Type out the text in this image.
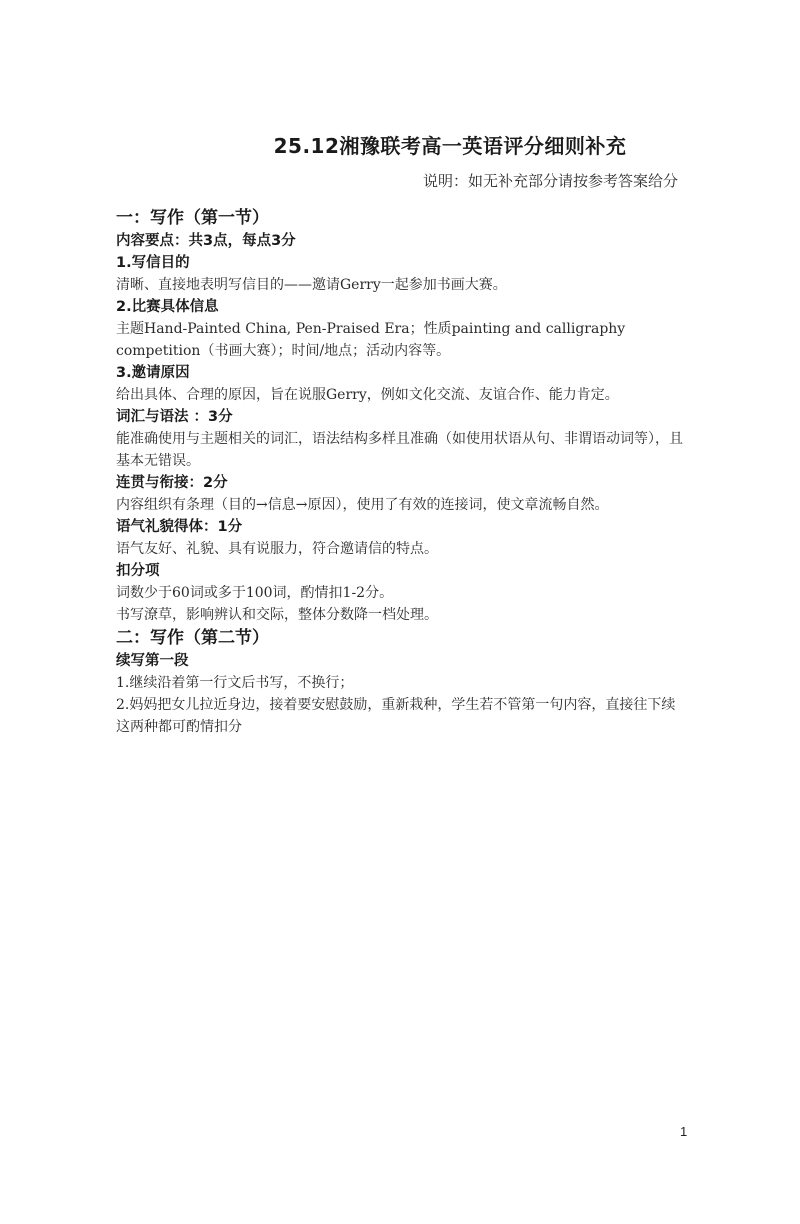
25.12湘豫联考高一英语评分细则补充
说明：如无补充部分请按参考答案给分
一：写作（第一节）
内容要点：共3点，每点3分
1.写信目的
清晰、直接地表明写信目的——邀请Gerry一起参加书画大赛。
2.比赛具体信息
主题Hand-Painted China, Pen-Praised Era；性质painting and calligraphy competition（书画大赛）；时间/地点；活动内容等。
3.邀请原因
给出具体、合理的原因，旨在说服Gerry，例如文化交流、友谊合作、能力肯定。
词汇与语法 ：3分
能准确使用与主题相关的词汇，语法结构多样且准确（如使用状语从句、非谓语动词等），且基本无错误。
连贯与衔接：2分
内容组织有条理（目的→信息→原因），使用了有效的连接词，使文章流畅自然。
语气礼貌得体：1分
语气友好、礼貌、具有说服力，符合邀请信的特点。
扣分项
词数少于60词或多于100词，酌情扣1-2分。
书写潦草，影响辨认和交际，整体分数降一档处理。
二：写作（第二节）
续写第一段
1.继续沿着第一行文后书写，不换行；
2.妈妈把女儿拉近身边，接着要安慰鼓励，重新栽种，学生若不管第一句内容，直接往下续
这两种都可酌情扣分
1
